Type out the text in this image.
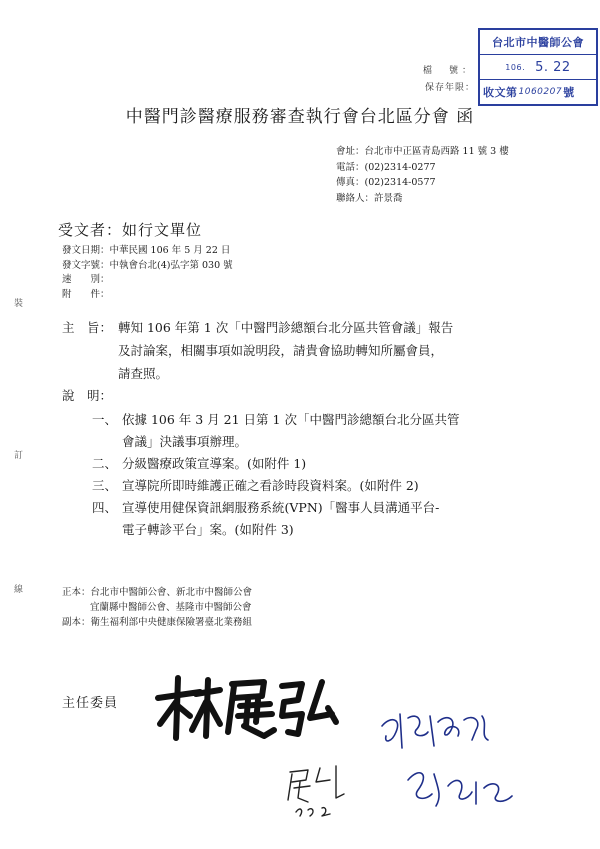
台北市中醫師公會
106. 5. 22
收文第 1060207 號
檔　號：
保存年限：
中醫門診醫療服務審查執行會台北區分會 函
會址：台北市中正區青島西路 11 號 3 樓
電話：(02)2314-0277
傳真：(02)2314-0577
聯絡人：許景喬
受文者：如行文單位
發文日期：中華民國 106 年 5 月 22 日
發文字號：中執會台北(4)弘字第 030 號
速　　別：
附　　件：
裝
訂
線
主　旨： 轉知 106 年第 1 次「中醫門診總額台北分區共管會議」報告
及討論案，相關事項如說明段，請貴會協助轉知所屬會員，
請查照。
說　明：
一、 依據 106 年 3 月 21 日第 1 次「中醫門診總額台北分區共管
會議」決議事項辦理。
二、 分級醫療政策宣導案。(如附件 1)
三、 宣導院所即時維護正確之看診時段資料案。(如附件 2)
四、 宣導使用健保資訊網服務系統(VPN)「醫事人員溝通平台-
電子轉診平台」案。(如附件 3)
正本：台北市中醫師公會、新北市中醫師公會
宜蘭縣中醫師公會、基隆市中醫師公會
副本：衛生福利部中央健康保險署臺北業務組
主任委員
